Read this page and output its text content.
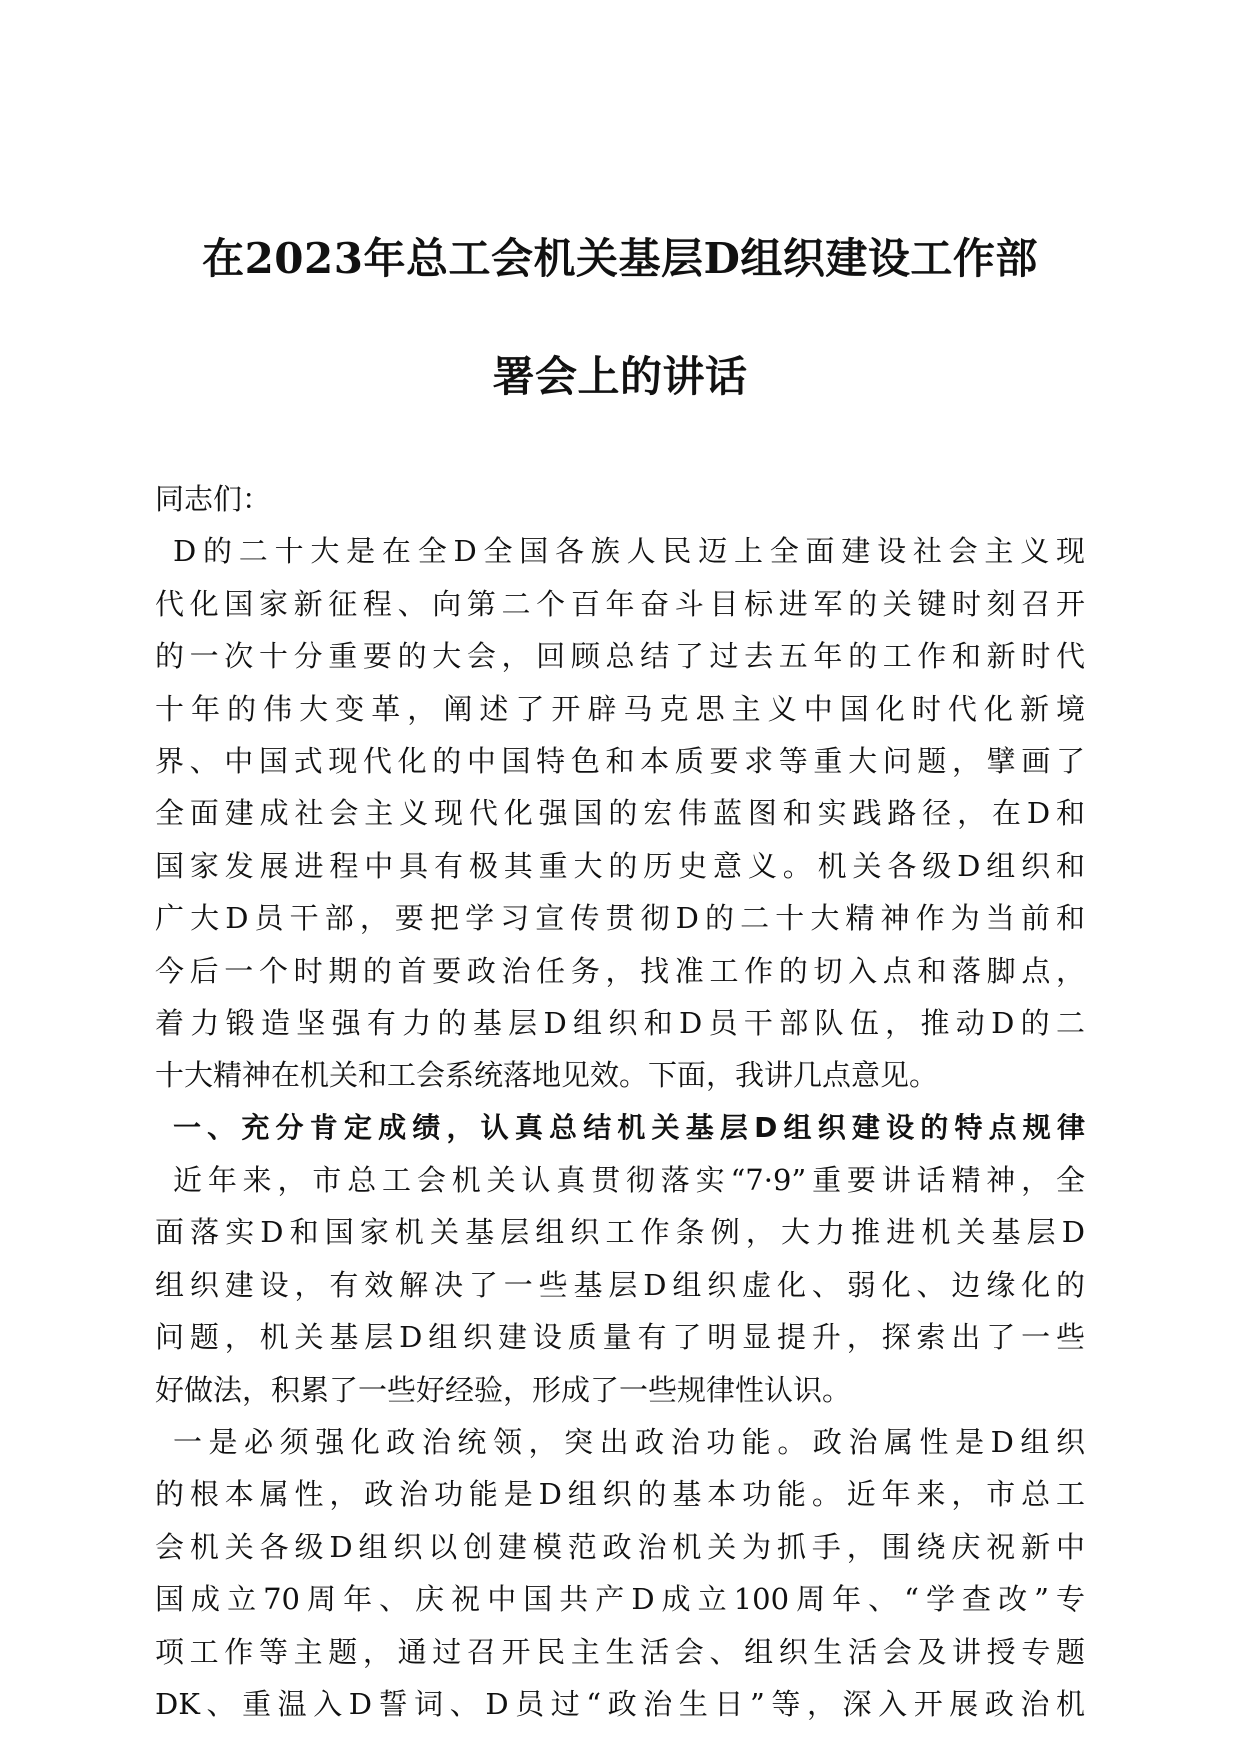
在2023年总工会机关基层D组织建设工作部
署会上的讲话
同志们：
D的二十大是在全D全国各族人民迈上全面建设社会主义现
代化国家新征程、向第二个百年奋斗目标进军的关键时刻召开
的一次十分重要的大会，回顾总结了过去五年的工作和新时代
十年的伟大变革，阐述了开辟马克思主义中国化时代化新境
界、中国式现代化的中国特色和本质要求等重大问题，擘画了
全面建成社会主义现代化强国的宏伟蓝图和实践路径，在D和
国家发展进程中具有极其重大的历史意义。机关各级D组织和
广大D员干部，要把学习宣传贯彻D的二十大精神作为当前和
今后一个时期的首要政治任务，找准工作的切入点和落脚点，
着力锻造坚强有力的基层D组织和D员干部队伍，推动D的二
十大精神在机关和工会系统落地见效。下面，我讲几点意见。
一、充分肯定成绩，认真总结机关基层D组织建设的特点规律
近年来，市总工会机关认真贯彻落实“7·9”重要讲话精神，全
面落实D和国家机关基层组织工作条例，大力推进机关基层D
组织建设，有效解决了一些基层D组织虚化、弱化、边缘化的
问题，机关基层D组织建设质量有了明显提升，探索出了一些
好做法，积累了一些好经验，形成了一些规律性认识。
一是必须强化政治统领，突出政治功能。政治属性是D组织
的根本属性，政治功能是D组织的基本功能。近年来，市总工
会机关各级D组织以创建模范政治机关为抓手，围绕庆祝新中
国成立70周年、庆祝中国共产D成立100周年、“学查改”专
项工作等主题，通过召开民主生活会、组织生活会及讲授专题
DK、重温入D誓词、D员过“政治生日”等，深入开展政治机
